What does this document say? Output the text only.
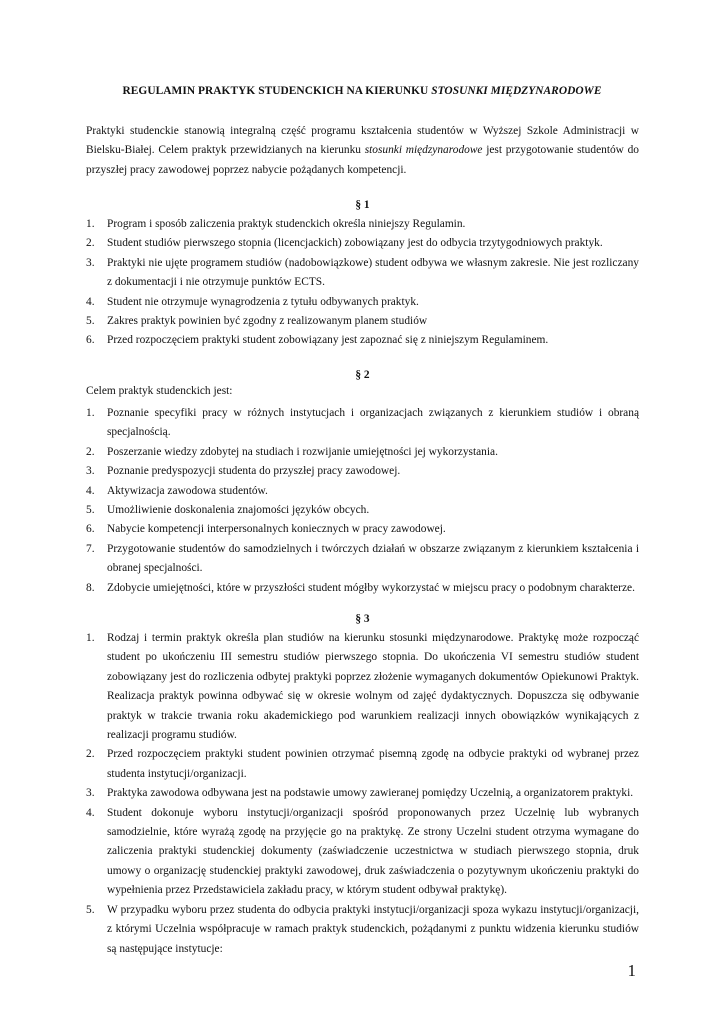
REGULAMIN PRAKTYK STUDENCKICH NA KIERUNKU STOSUNKI MIĘDZYNARODOWE
Praktyki studenckie stanowią integralną część programu kształcenia studentów w Wyższej Szkole Administracji w Bielsku-Białej. Celem praktyk przewidzianych na kierunku stosunki międzynarodowe jest przygotowanie studentów do przyszłej pracy zawodowej poprzez nabycie pożądanych kompetencji.
§ 1
1. Program i sposób zaliczenia praktyk studenckich określa niniejszy Regulamin.
2. Student studiów pierwszego stopnia (licencjackich) zobowiązany jest do odbycia trzytygodniowych praktyk.
3. Praktyki nie ujęte programem studiów (nadobowiązkowe) student odbywa we własnym zakresie. Nie jest rozliczany z dokumentacji i nie otrzymuje punktów ECTS.
4. Student nie otrzymuje wynagrodzenia z tytułu odbywanych praktyk.
5. Zakres praktyk powinien być zgodny z realizowanym planem studiów
6. Przed rozpoczęciem praktyki student zobowiązany jest zapoznać się z niniejszym Regulaminem.
§ 2
Celem praktyk studenckich jest:
1. Poznanie specyfiki pracy w różnych instytucjach i organizacjach związanych z kierunkiem studiów i obraną specjalnością.
2. Poszerzanie wiedzy zdobytej na studiach i rozwijanie umiejętności jej wykorzystania.
3. Poznanie predyspozycji studenta do przyszłej pracy zawodowej.
4. Aktywizacja zawodowa studentów.
5. Umożliwienie doskonalenia znajomości języków obcych.
6. Nabycie kompetencji interpersonalnych koniecznych w pracy zawodowej.
7. Przygotowanie studentów do samodzielnych i twórczych działań w obszarze związanym z kierunkiem kształcenia i obranej specjalności.
8. Zdobycie umiejętności, które w przyszłości student mógłby wykorzystać w miejscu pracy o podobnym charakterze.
§ 3
1. Rodzaj i termin praktyk określa plan studiów na kierunku stosunki międzynarodowe. Praktykę może rozpocząć student po ukończeniu III semestru studiów pierwszego stopnia. Do ukończenia VI semestru studiów student zobowiązany jest do rozliczenia odbytej praktyki poprzez złożenie wymaganych dokumentów Opiekunowi Praktyk. Realizacja praktyk powinna odbywać się w okresie wolnym od zajęć dydaktycznych. Dopuszcza się odbywanie praktyk w trakcie trwania roku akademickiego pod warunkiem realizacji innych obowiązków wynikających z realizacji programu studiów.
2. Przed rozpoczęciem praktyki student powinien otrzymać pisemną zgodę na odbycie praktyki od wybranej przez studenta instytucji/organizacji.
3. Praktyka zawodowa odbywana jest na podstawie umowy zawieranej pomiędzy Uczelnią, a organizatorem praktyki.
4. Student dokonuje wyboru instytucji/organizacji spośród proponowanych przez Uczelnię lub wybranych samodzielnie, które wyrażą zgodę na przyjęcie go na praktykę. Ze strony Uczelni student otrzyma wymagane do zaliczenia praktyki studenckiej dokumenty (zaświadczenie uczestnictwa w studiach pierwszego stopnia, druk umowy o organizację studenckiej praktyki zawodowej, druk zaświadczenia o pozytywnym ukończeniu praktyki do wypełnienia przez Przedstawiciela zakładu pracy, w którym student odbywał praktykę).
5. W przypadku wyboru przez studenta do odbycia praktyki instytucji/organizacji spoza wykazu instytucji/organizacji, z którymi Uczelnia współpracuje w ramach praktyk studenckich, pożądanymi z punktu widzenia kierunku studiów są następujące instytucje:
1
